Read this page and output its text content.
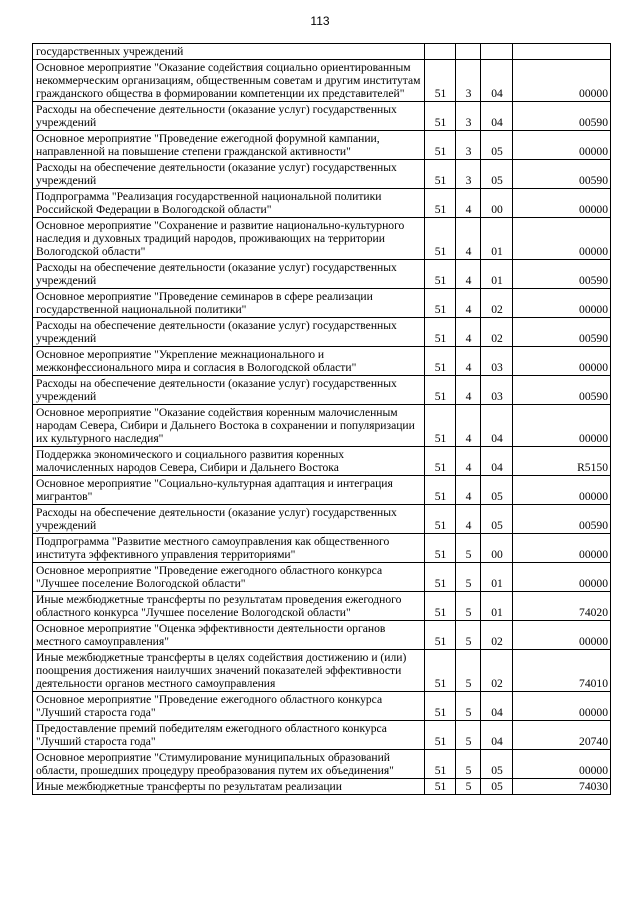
113
государственных учреждений				
Основное мероприятие "Оказание содействия социально ориентированным некоммерческим организациям, общественным советам и другим институтам гражданского общества в формировании компетенции их представителей"	51	3	04	00000
Расходы на обеспечение деятельности (оказание услуг) государственных учреждений	51	3	04	00590
Основное мероприятие "Проведение ежегодной форумной кампании, направленной на повышение степени гражданской активности"	51	3	05	00000
Расходы на обеспечение деятельности (оказание услуг) государственных учреждений	51	3	05	00590
Подпрограмма "Реализация государственной национальной политики Российской Федерации в Вологодской области"	51	4	00	00000
Основное мероприятие "Сохранение и развитие национально-культурного наследия и духовных традиций народов, проживающих на территории Вологодской области"	51	4	01	00000
Расходы на обеспечение деятельности (оказание услуг) государственных учреждений	51	4	01	00590
Основное мероприятие "Проведение семинаров в сфере реализации государственной национальной политики"	51	4	02	00000
Расходы на обеспечение деятельности (оказание услуг) государственных учреждений	51	4	02	00590
Основное мероприятие "Укрепление межнационального и межконфессионального мира и согласия в Вологодской области"	51	4	03	00000
Расходы на обеспечение деятельности (оказание услуг) государственных учреждений	51	4	03	00590
Основное мероприятие "Оказание содействия коренным малочисленным народам Севера, Сибири и Дальнего Востока в сохранении и популяризации их культурного наследия"	51	4	04	00000
Поддержка экономического и социального развития коренных малочисленных народов Севера, Сибири и Дальнего Востока	51	4	04	R5150
Основное мероприятие "Социально-культурная адаптация и интеграция мигрантов"	51	4	05	00000
Расходы на обеспечение деятельности (оказание услуг) государственных учреждений	51	4	05	00590
Подпрограмма "Развитие местного самоуправления как общественного института эффективного управления территориями"	51	5	00	00000
Основное мероприятие "Проведение ежегодного областного конкурса "Лучшее поселение Вологодской области"	51	5	01	00000
Иные межбюджетные трансферты по результатам проведения ежегодного областного конкурса "Лучшее поселение Вологодской области"	51	5	01	74020
Основное мероприятие "Оценка эффективности деятельности органов местного самоуправления"	51	5	02	00000
Иные межбюджетные трансферты в целях содействия достижению и (или) поощрения достижения наилучших значений показателей эффективности деятельности органов местного самоуправления	51	5	02	74010
Основное мероприятие "Проведение ежегодного областного конкурса "Лучший староста года"	51	5	04	00000
Предоставление премий победителям ежегодного областного конкурса "Лучший староста года"	51	5	04	20740
Основное мероприятие "Стимулирование муниципальных образований области, прошедших процедуру преобразования путем их объединения"	51	5	05	00000
Иные межбюджетные трансферты по результатам реализации	51	5	05	74030
